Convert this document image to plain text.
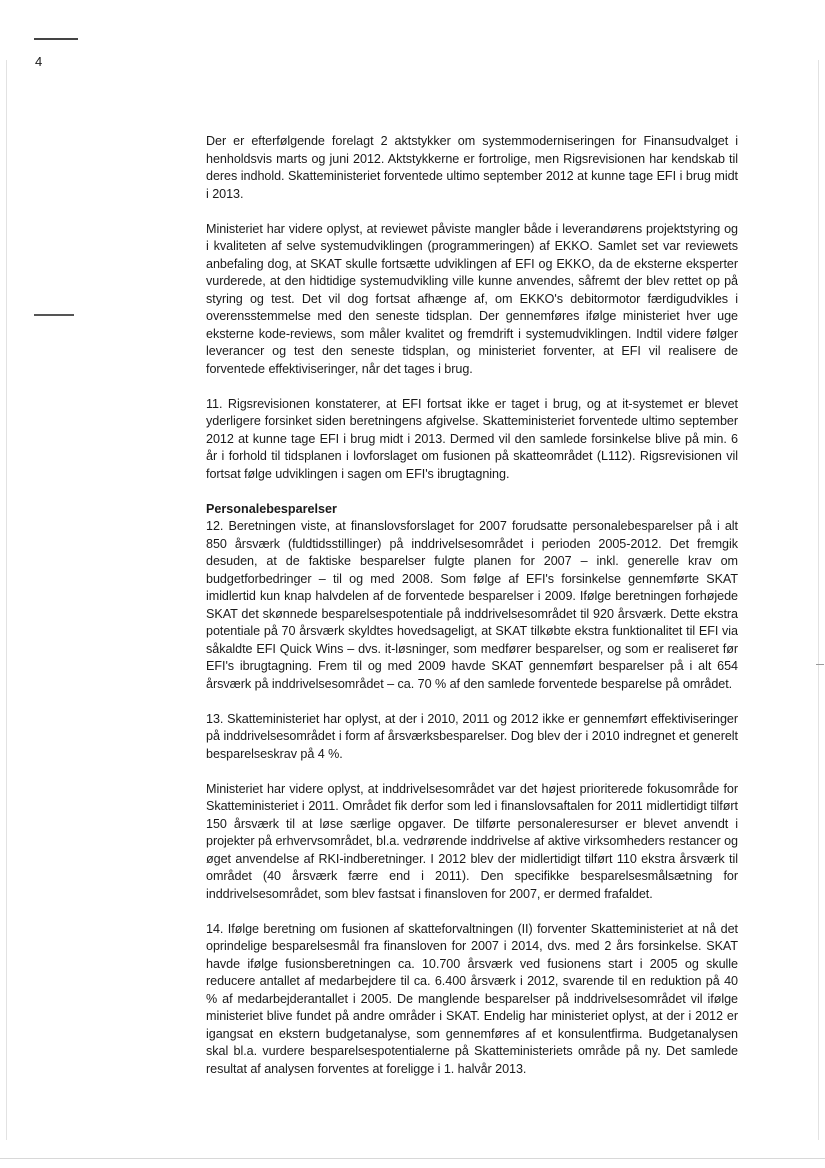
4

Der er efterfølgende forelagt 2 aktstykker om systemmoderniseringen for Finansudvalget i henholdsvis marts og juni 2012. Aktstykkerne er fortrolige, men Rigsrevisionen har kendskab til deres indhold. Skatteministeriet forventede ultimo september 2012 at kunne tage EFI i brug midt i 2013.

Ministeriet har videre oplyst, at reviewet påviste mangler både i leverandørens projektstyring og i kvaliteten af selve systemudviklingen (programmeringen) af EKKO. Samlet set var reviewets anbefaling dog, at SKAT skulle fortsætte udviklingen af EFI og EKKO, da de eksterne eksperter vurderede, at den hidtidige systemudvikling ville kunne anvendes, såfremt der blev rettet op på styring og test. Det vil dog fortsat afhænge af, om EKKO's debitormotor færdigudvikles i overensstemmelse med den seneste tidsplan. Der gennemføres ifølge ministeriet hver uge eksterne kode-reviews, som måler kvalitet og fremdrift i systemudviklingen. Indtil videre følger leverancer og test den seneste tidsplan, og ministeriet forventer, at EFI vil realisere de forventede effektiviseringer, når det tages i brug.

11. Rigsrevisionen konstaterer, at EFI fortsat ikke er taget i brug, og at it-systemet er blevet yderligere forsinket siden beretningens afgivelse. Skatteministeriet forventede ultimo september 2012 at kunne tage EFI i brug midt i 2013. Dermed vil den samlede forsinkelse blive på min. 6 år i forhold til tidsplanen i lovforslaget om fusionen på skatteområdet (L112). Rigsrevisionen vil fortsat følge udviklingen i sagen om EFI's ibrugtagning.

Personalebesparelser

12. Beretningen viste, at finanslovsforslaget for 2007 forudsatte personalebesparelser på i alt 850 årsværk (fuldtidsstillinger) på inddrivelsesområdet i perioden 2005-2012. Det fremgik desuden, at de faktiske besparelser fulgte planen for 2007 – inkl. generelle krav om budgetforbedringer – til og med 2008. Som følge af EFI's forsinkelse gennemførte SKAT imidlertid kun knap halvdelen af de forventede besparelser i 2009. Ifølge beretningen forhøjede SKAT det skønnede besparelsespotentiale på inddrivelsesområdet til 920 årsværk. Dette ekstra potentiale på 70 årsværk skyldtes hovedsageligt, at SKAT tilkøbte ekstra funktionalitet til EFI via såkaldte EFI Quick Wins – dvs. it-løsninger, som medfører besparelser, og som er realiseret før EFI's ibrugtagning. Frem til og med 2009 havde SKAT gennemført besparelser på i alt 654 årsværk på inddrivelsesområdet – ca. 70 % af den samlede forventede besparelse på området.

13. Skatteministeriet har oplyst, at der i 2010, 2011 og 2012 ikke er gennemført effektiviseringer på inddrivelsesområdet i form af årsværksbesparelser. Dog blev der i 2010 indregnet et generelt besparelseskrav på 4 %.

Ministeriet har videre oplyst, at inddrivelsesområdet var det højest prioriterede fokusområde for Skatteministeriet i 2011. Området fik derfor som led i finanslovsaftalen for 2011 midlertidigt tilført 150 årsværk til at løse særlige opgaver. De tilførte personaleresurser er blevet anvendt i projekter på erhvervsområdet, bl.a. vedrørende inddrivelse af aktive virksomheders restancer og øget anvendelse af RKI-indberetninger. I 2012 blev der midlertidigt tilført 110 ekstra årsværk til området (40 årsværk færre end i 2011). Den specifikke besparelsesmålsætning for inddrivelsesområdet, som blev fastsat i finansloven for 2007, er dermed frafaldet.

14. Ifølge beretning om fusionen af skatteforvaltningen (II) forventer Skatteministeriet at nå det oprindelige besparelsesmål fra finansloven for 2007 i 2014, dvs. med 2 års forsinkelse. SKAT havde ifølge fusionsberetningen ca. 10.700 årsværk ved fusionens start i 2005 og skulle reducere antallet af medarbejdere til ca. 6.400 årsværk i 2012, svarende til en reduktion på 40 % af medarbejderantallet i 2005. De manglende besparelser på inddrivelsesområdet vil ifølge ministeriet blive fundet på andre områder i SKAT. Endelig har ministeriet oplyst, at der i 2012 er igangsat en ekstern budgetanalyse, som gennemføres af et konsulentfirma. Budgetanalysen skal bl.a. vurdere besparelsespotentialerne på Skatteministeriets område på ny. Det samlede resultat af analysen forventes at foreligge i 1. halvår 2013.
